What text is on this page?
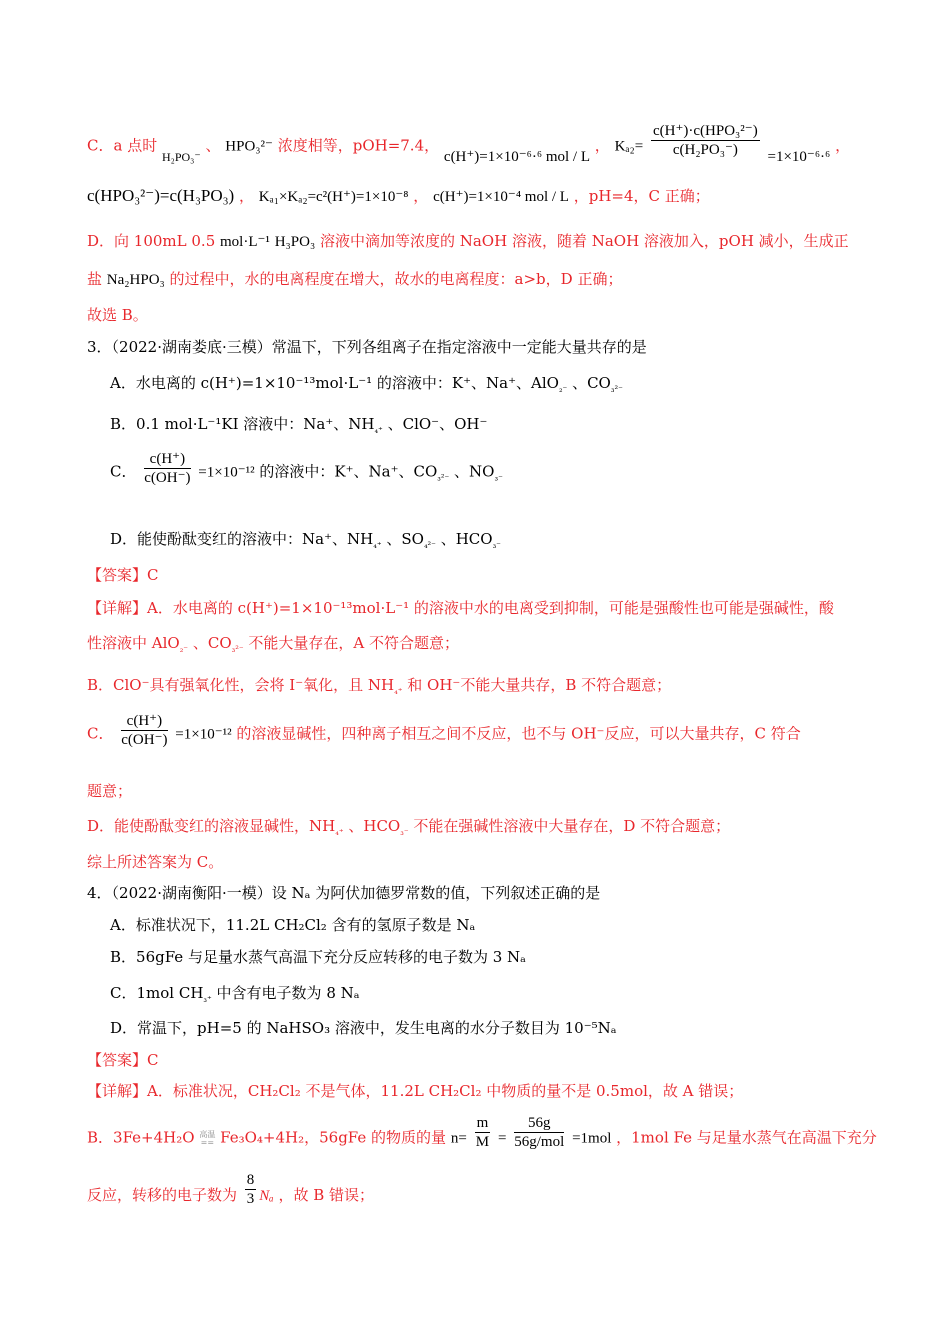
C．a 点时 $_{H_2PO_3^-}$ 、 HPO₃²⁻ 浓度相等，pOH=7.4， c(H⁺)=1×10⁻⁶·⁶ mol / L ， $K_{a2}= \frac{\text{c(H⁺)·c(HPO₃²⁻)}}{\text{c(H₂PO₃⁻)}} =1\times 10^{-6}\cdot^6$ ，
c(HPO₃²⁻)=c(H₃PO₃) ， Kₐ₁×Kₐ₂=c²(H⁺)=1×10⁻⁸ ， c(H⁺)=1×10⁻⁴ mol / L ，pH=4，C 正确；
D．向 100mL 0.5 mol·L⁻¹ H₃PO₃ 溶液中滴加等浓度的 NaOH 溶液，随着 NaOH 溶液加入，pOH 减小，生成正
盐 Na₂HPO₃ 的过程中，水的电离程度在增大，故水的电离程度：a>b，D 正确；
故选 B。
3．（2022·湖南娄底·三模）常温下，下列各组离子在指定溶液中一定能大量共存的是
A．水电离的 c(H⁺)=1×10⁻¹³mol·L⁻¹ 的溶液中：K⁺、Na⁺、AlO$_{_2^-}$ 、$CO_{_3^{2-}}$
B．0.1 mol·L⁻¹KI 溶液中：Na⁺、$NH_{_4^+}$ 、ClO⁻、OH⁻
C． $\frac{c(H^+)}{c(OH^-)} =1\times 10^{-12}$ 的溶液中：K⁺、Na⁺、$CO_{_3^{2-}}$ 、$NO_{_3^-}$
D．能使酚酞变红的溶液中：Na⁺、$NH_{_4^+}$ 、$SO_{_4^{2-}}$ 、$HCO_{_3^-}$
【答案】C
【详解】A．水电离的 c(H⁺)=1×10⁻¹³mol·L⁻¹ 的溶液中水的电离受到抑制，可能是强酸性也可能是强碱性，酸
性溶液中 AlO$_{_2^-}$ 、$CO_{_3^{2-}}$ 不能大量存在，A 不符合题意；
B．ClO⁻具有强氧化性，会将 I⁻氧化，且 $NH_{_4^+}$ 和 OH⁻不能大量共存，B 不符合题意；
C． $\frac{c(H^+)}{c(OH^-)} =1\times 10^{-12}$ 的溶液显碱性，四种离子相互之间不反应，也不与 OH⁻反应，可以大量共存，C 符合
题意；
D．能使酚酞变红的溶液显碱性，$NH_{_4^+}$ 、$HCO_{_3^-}$ 不能在强碱性溶液中大量存在，D 不符合题意；
综上所述答案为 C。
4．（2022·湖南衡阳·一模）设 Nₐ 为阿伏加德罗常数的值，下列叙述正确的是
A．标准状况下，11.2L CH₂Cl₂ 含有的氢原子数是 Nₐ
B．56gFe 与足量水蒸气高温下充分反应转移的电子数为 3 Nₐ
C．1mol $CH_{_3^+}$ 中含有电子数为 8 Nₐ
D．常温下，pH=5 的 NaHSO₃ 溶液中，发生电离的水分子数目为 10⁻⁵Nₐ
【答案】C
【详解】A．标准状况，CH₂Cl₂ 不是气体，11.2L CH₂Cl₂ 中物质的量不是 0.5mol，故 A 错误；
B．3Fe+4H₂O 高温
== Fe₃O₄+4H₂，56gFe 的物质的量 $n= \frac{m}{M} = \frac{56g}{\text{56g/mol}} =1mol$ ，1mol Fe 与足量水蒸气在高温下充分
反应，转移的电子数为 $\frac{8}{3}$ Nₐ ，故 B 错误；
